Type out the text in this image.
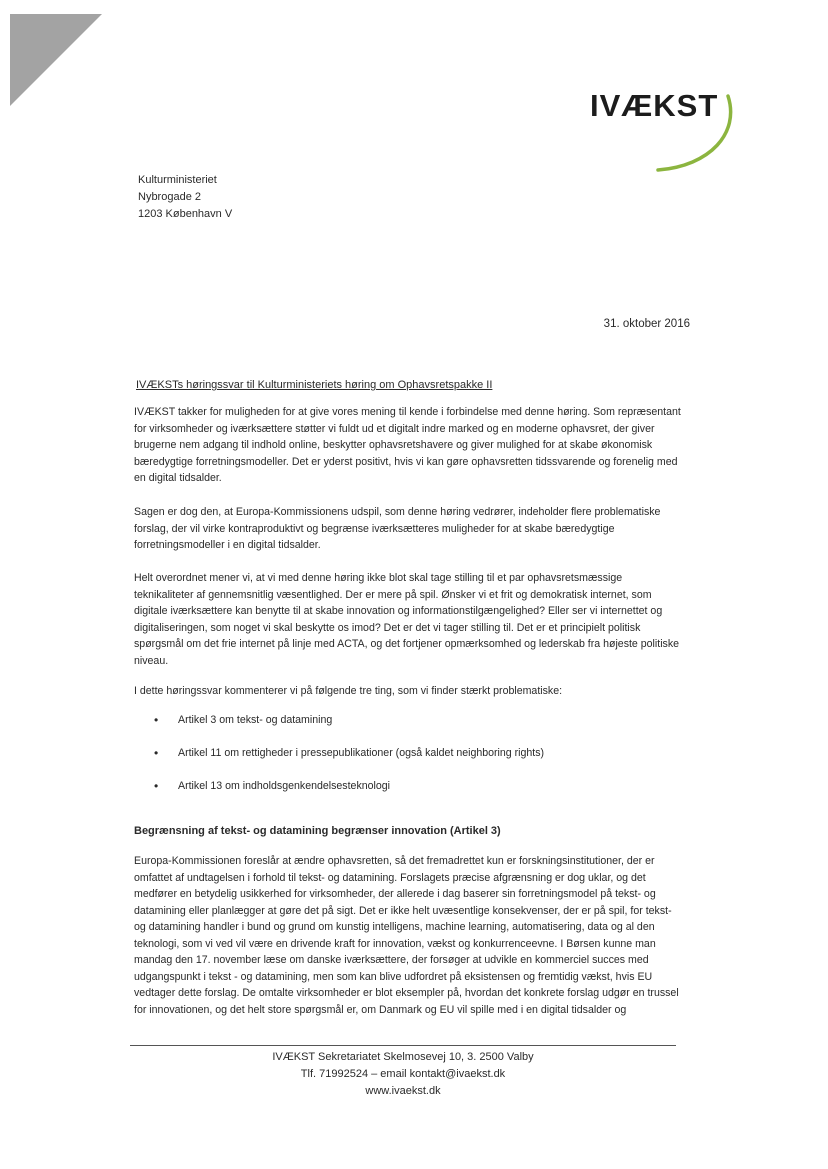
IVÆKST
Kulturministeriet
Nybrogade 2
1203 København V
31. oktober 2016
IVÆKSTs høringssvar til Kulturministeriets høring om Ophavsretspakke II

IVÆKST takker for muligheden for at give vores mening til kende i forbindelse med denne høring. Som repræsentant for virksomheder og iværksættere støtter vi fuldt ud et digitalt indre marked og en moderne ophavsret, der giver brugerne nem adgang til indhold online, beskytter ophavsretshavere og giver mulighed for at skabe økonomisk bæredygtige forretningsmodeller. Det er yderst positivt, hvis vi kan gøre ophavsretten tidssvarende og forenelig med en digital tidsalder.

Sagen er dog den, at Europa-Kommissionens udspil, som denne høring vedrører, indeholder flere problematiske forslag, der vil virke kontraproduktivt og begrænse iværksætteres muligheder for at skabe bæredygtige forretningsmodeller i en digital tidsalder.

Helt overordnet mener vi, at vi med denne høring ikke blot skal tage stilling til et par ophavsretsmæssige teknikaliteter af gennemsnitlig væsentlighed. Der er mere på spil. Ønsker vi et frit og demokratisk internet, som digitale iværksættere kan benytte til at skabe innovation og informationstilgængelighed? Eller ser vi internettet og digitaliseringen, som noget vi skal beskytte os imod? Det er det vi tager stilling til. Det er et principielt politisk spørgsmål om det frie internet på linje med ACTA, og det fortjener opmærksomhed og lederskab fra højeste politiske niveau.

I dette høringssvar kommenterer vi på følgende tre ting, som vi finder stærkt problematiske:

• Artikel 3 om tekst- og datamining
• Artikel 11 om rettigheder i pressepublikationer (også kaldet neighboring rights)
• Artikel 13 om indholdsgenkendelsesteknologi
Begrænsning af tekst- og datamining begrænser innovation (Artikel 3)

Europa-Kommissionen foreslår at ændre ophavsretten, så det fremadrettet kun er forskningsinstitutioner, der er omfattet af undtagelsen i forhold til tekst- og datamining. Forslagets præcise afgrænsning er dog uklar, og det medfører en betydelig usikkerhed for virksomheder, der allerede i dag baserer sin forretningsmodel på tekst- og datamining eller planlægger at gøre det på sigt. Det er ikke helt uvæsentlige konsekvenser, der er på spil, for tekst- og datamining handler i bund og grund om kunstig intelligens, machine learning, automatisering, data og al den teknologi, som vi ved vil være en drivende kraft for innovation, vækst og konkurrenceevne. I Børsen kunne man mandag den 17. november læse om danske iværksættere, der forsøger at udvikle en kommerciel succes med udgangspunkt i tekst - og datamining, men som kan blive udfordret på eksistensen og fremtidig vækst, hvis EU vedtager dette forslag. De omtalte virksomheder er blot eksempler på, hvordan det konkrete forslag udgør en trussel for innovationen, og det helt store spørgsmål er, om Danmark og EU vil spille med i en digital tidsalder og

IVÆKST Sekretariatet Skelmosevej 10, 3. 2500 Valby
Tlf. 71992524 – email kontakt@ivaekst.dk
www.ivaekst.dk
